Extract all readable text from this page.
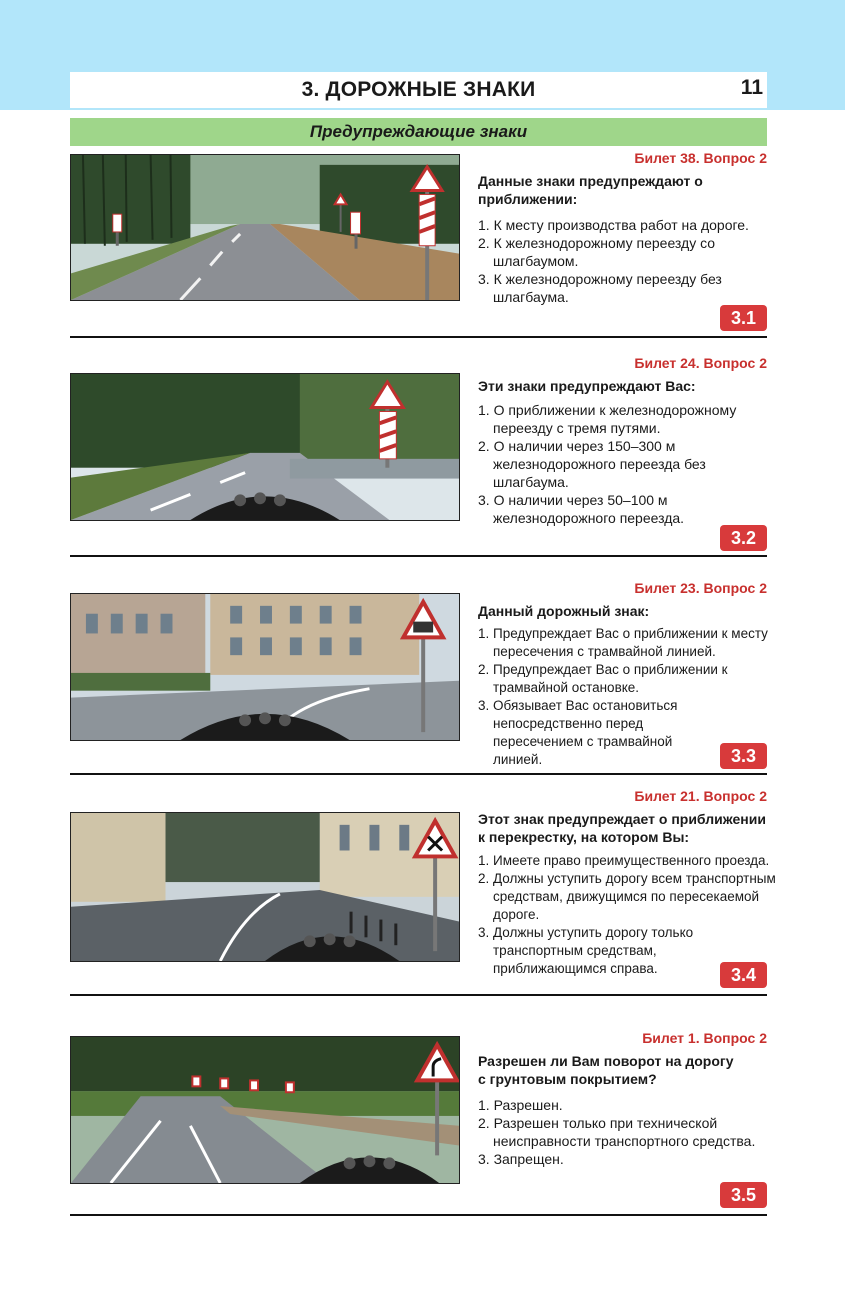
3. ДОРОЖНЫЕ ЗНАКИ	11
Предупреждающие знаки
Билет 38. Вопрос 2
Данные знаки предупреждают о приближении:
1. К месту производства работ на дороге.
2. К железнодорожному переезду со шлагбаумом.
3. К железнодорожному переезду без шлагбаума.
3.1
Билет 24. Вопрос 2
Эти знаки предупреждают Вас:
1. О приближении к железнодорожному переезду с тремя путями.
2. О наличии через 150–300 м железнодорожного переезда без шлагбаума.
3. О наличии через 50–100 м железнодорожного переезда.
3.2
Билет 23. Вопрос 2
Данный дорожный знак:
1. Предупреждает Вас о приближении к месту пересечения с трамвайной линией.
2. Предупреждает Вас о приближении к трамвайной остановке.
3. Обязывает Вас остановиться непосредственно перед пересечением с трамвайной линией.	3.3
Билет 21. Вопрос 2
Этот знак предупреждает о приближении к перекрестку, на котором Вы:
1. Имеете право преимущественного проезда.
2. Должны уступить дорогу всем транспортным средствам, движущимся по пересекаемой дороге.
3. Должны уступить дорогу только транспортным средствам, приближающимся справа.	3.4
Билет 1. Вопрос 2
Разрешен ли Вам поворот на дорогу с грунтовым покрытием?
1. Разрешен.
2. Разрешен только при технической неисправности транспортного средства.
3. Запрещен.
3.5
